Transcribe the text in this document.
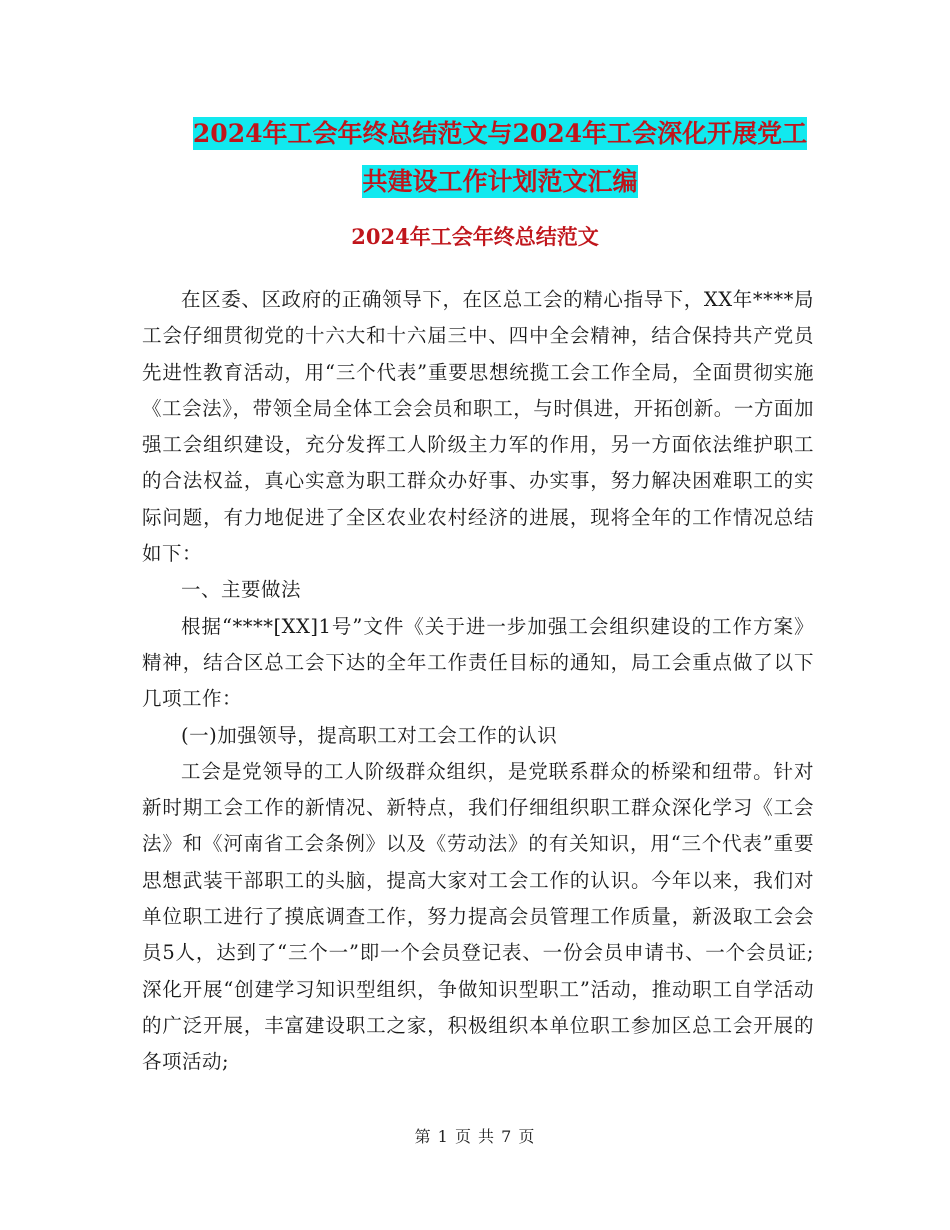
2024年工会年终总结范文与2024年工会深化开展党工
共建设工作计划范文汇编
2024年工会年终总结范文

在区委、区政府的正确领导下，在区总工会的精心指导下，XX年****局工会仔细贯彻党的十六大和十六届三中、四中全会精神，结合保持共产党员先进性教育活动，用“三个代表”重要思想统揽工会工作全局，全面贯彻实施《工会法》，带领全局全体工会会员和职工，与时俱进，开拓创新。一方面加强工会组织建设，充分发挥工人阶级主力军的作用，另一方面依法维护职工的合法权益，真心实意为职工群众办好事、办实事，努力解决困难职工的实际问题，有力地促进了全区农业农村经济的进展，现将全年的工作情况总结如下：

一、主要做法

根据“****[XX]1号”文件《关于进一步加强工会组织建设的工作方案》精神，结合区总工会下达的全年工作责任目标的通知，局工会重点做了以下几项工作：

(一)加强领导，提高职工对工会工作的认识

工会是党领导的工人阶级群众组织，是党联系群众的桥梁和纽带。针对新时期工会工作的新情况、新特点，我们仔细组织职工群众深化学习《工会法》和《河南省工会条例》以及《劳动法》的有关知识，用“三个代表”重要思想武装干部职工的头脑，提高大家对工会工作的认识。今年以来，我们对单位职工进行了摸底调查工作，努力提高会员管理工作质量，新汲取工会会员5人，达到了“三个一”即一个会员登记表、一份会员申请书、一个会员证;深化开展“创建学习知识型组织，争做知识型职工”活动，推动职工自学活动的广泛开展，丰富建设职工之家，积极组织本单位职工参加区总工会开展的各项活动;

第 1 页 共 7 页
